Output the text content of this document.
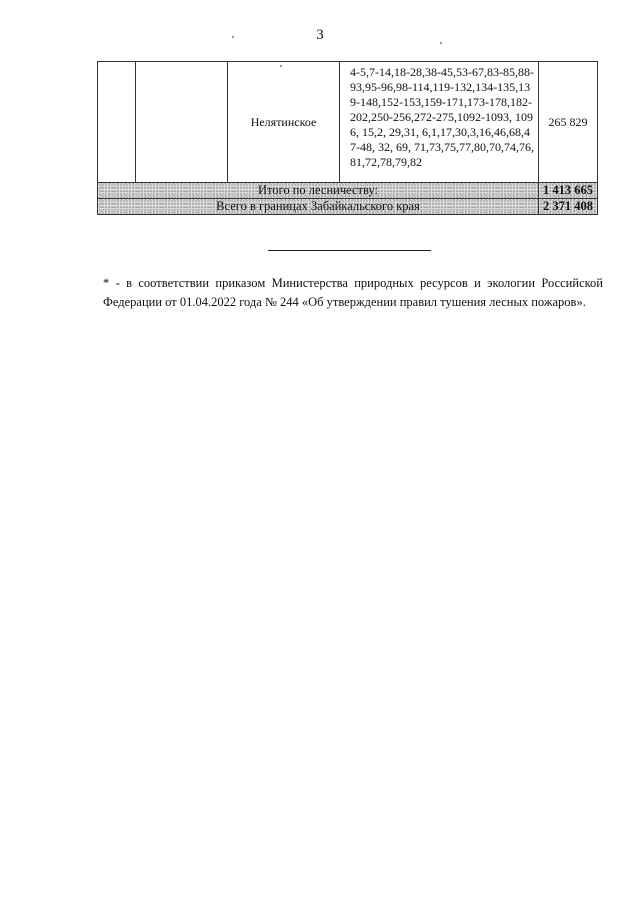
3
		Нелятинское	4-5,7-14,18-28,38-45,53-67,83-85,88-93,95-96,98-114,119-132,134-135,139-148,152-153,159-171,173-178,182-202,250-256,272-275,1092-1093, 1096, 15,2, 29,31, 6,1,17,30,3,16,46,68,47-48, 32, 69, 71,73,75,77,80,70,74,76,81,72,78,79,82	265 829
Итого по лесничеству:				1 413 665
Всего в границах Забайкальского края				2 371 408
* - в соответствии приказом Министерства природных ресурсов и экологии Российской Федерации от 01.04.2022 года № 244 «Об утверждении правил тушения лесных пожаров».
